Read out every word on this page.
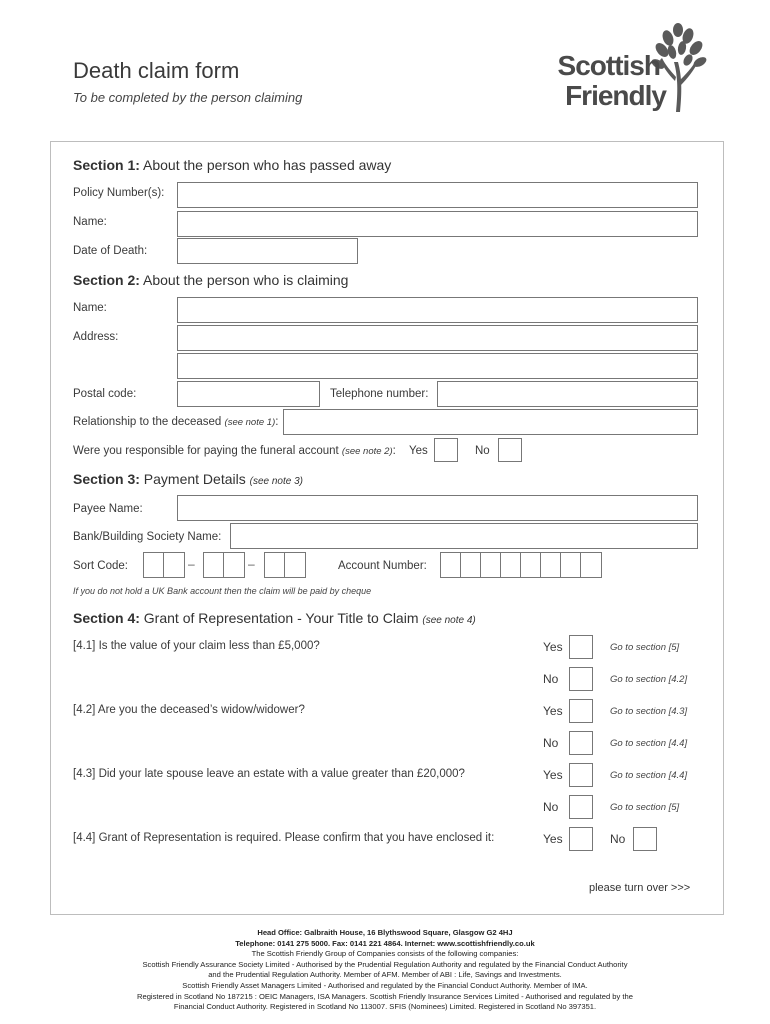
Death claim form
To be completed by the person claiming
Scottish
Friendly
Section 1: About the person who has passed away
Policy Number(s):
Name:
Date of Death:
Section 2: About the person who is claiming
Name:
Address:
Postal code:	Telephone number:
Relationship to the deceased (see note 1):
Were you responsible for paying the funeral account (see note 2): Yes	No
Section 3: Payment Details (see note 3)
Payee Name:
Bank/Building Society Name:
Sort Code:	–	–	Account Number:
If you do not hold a UK Bank account then the claim will be paid by cheque
Section 4: Grant of Representation - Your Title to Claim (see note 4)
[4.1] Is the value of your claim less than £5,000?	Yes	Go to section [5]
No	Go to section [4.2]
[4.2] Are you the deceased’s widow/widower?	Yes	Go to section [4.3]
No	Go to section [4.4]
[4.3] Did your late spouse leave an estate with a value greater than £20,000?	Yes	Go to section [4.4]
No	Go to section [5]
[4.4] Grant of Representation is required. Please confirm that you have enclosed it:	Yes	No
please turn over >>>
Head Office: Galbraith House, 16 Blythswood Square, Glasgow G2 4HJ
Telephone: 0141 275 5000. Fax: 0141 221 4864. Internet: www.scottishfriendly.co.uk
The Scottish Friendly Group of Companies consists of the following companies:
Scottish Friendly Assurance Society Limited - Authorised by the Prudential Regulation Authority and regulated by the Financial Conduct Authority
and the Prudential Regulation Authority. Member of AFM. Member of ABI : Life, Savings and Investments.
Scottish Friendly Asset Managers Limited - Authorised and regulated by the Financial Conduct Authority. Member of IMA.
Registered in Scotland No 187215 : OEIC Managers, ISA Managers. Scottish Friendly Insurance Services Limited - Authorised and regulated by the
Financial Conduct Authority. Registered in Scotland No 113007. SFIS (Nominees) Limited. Registered in Scotland No 397351.
